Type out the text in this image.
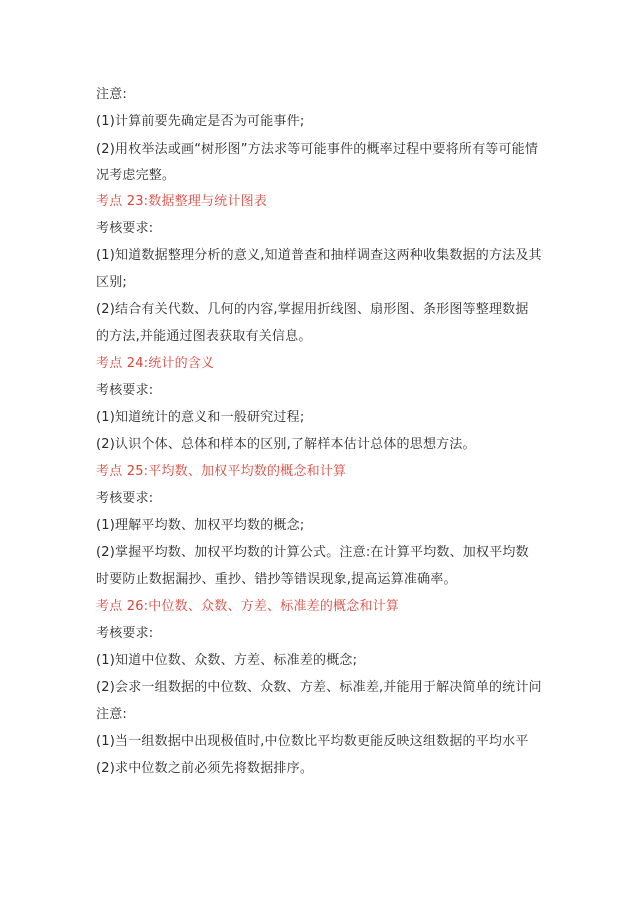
注意:
(1)计算前要先确定是否为可能事件;
(2)用枚举法或画“树形图”方法求等可能事件的概率过程中要将所有等可能情
况考虑完整。
考点 23:数据整理与统计图表
考核要求:
(1)知道数据整理分析的意义,知道普查和抽样调查这两种收集数据的方法及其
区别;
(2)结合有关代数、几何的内容,掌握用折线图、扇形图、条形图等整理数据
的方法,并能通过图表获取有关信息。
考点 24:统计的含义
考核要求:
(1)知道统计的意义和一般研究过程;
(2)认识个体、总体和样本的区别,了解样本估计总体的思想方法。
考点 25:平均数、加权平均数的概念和计算
考核要求:
(1)理解平均数、加权平均数的概念;
(2)掌握平均数、加权平均数的计算公式。注意:在计算平均数、加权平均数
时要防止数据漏抄、重抄、错抄等错误现象,提高运算准确率。
考点 26:中位数、众数、方差、标准差的概念和计算
考核要求:
(1)知道中位数、众数、方差、标准差的概念;
(2)会求一组数据的中位数、众数、方差、标准差,并能用于解决简单的统计问
注意:
(1)当一组数据中出现极值时,中位数比平均数更能反映这组数据的平均水平
(2)求中位数之前必须先将数据排序。
